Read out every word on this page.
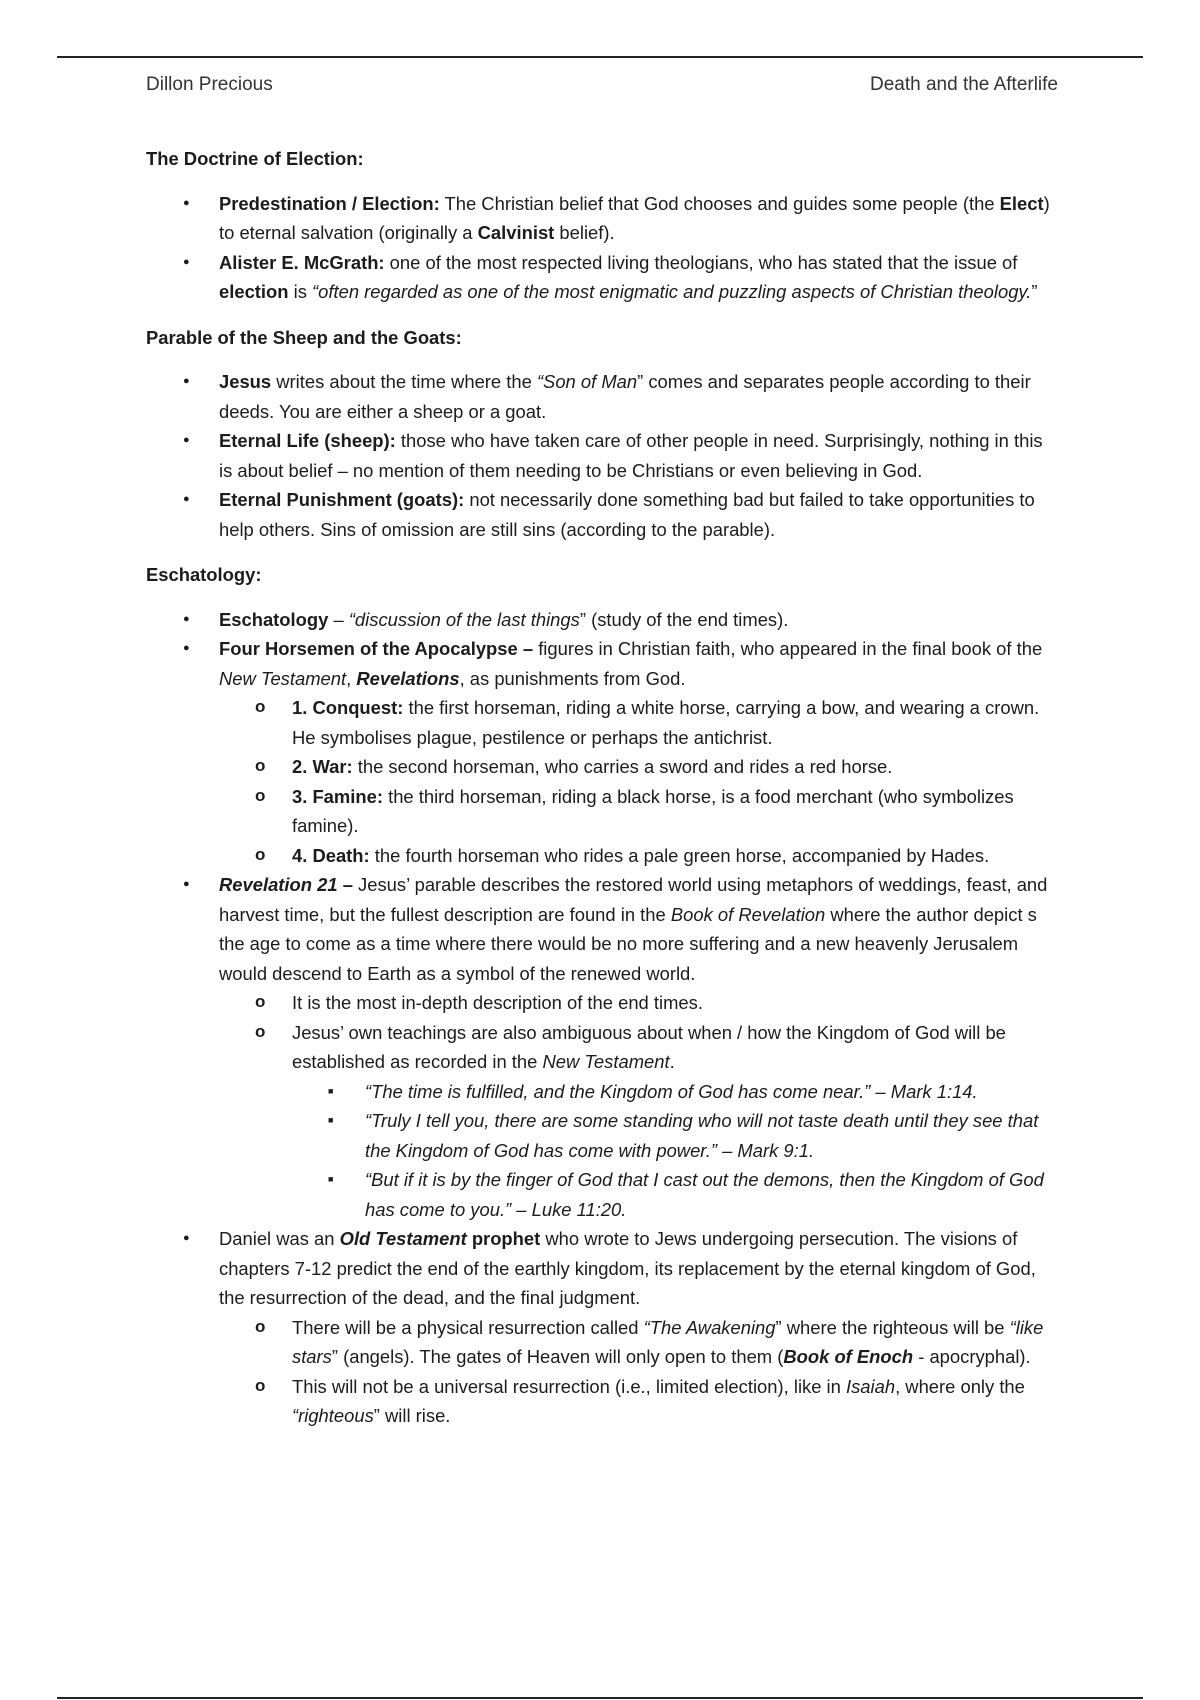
Dillon Precious	Death and the Afterlife

The Doctrine of Election:

● Predestination / Election: The Christian belief that God chooses and guides some people (the Elect) to eternal salvation (originally a Calvinist belief).
● Alister E. McGrath: one of the most respected living theologians, who has stated that the issue of election is “often regarded as one of the most enigmatic and puzzling aspects of Christian theology.”

Parable of the Sheep and the Goats:

● Jesus writes about the time where the “Son of Man” comes and separates people according to their deeds. You are either a sheep or a goat.
● Eternal Life (sheep): those who have taken care of other people in need. Surprisingly, nothing in this is about belief – no mention of them needing to be Christians or even believing in God.
● Eternal Punishment (goats): not necessarily done something bad but failed to take opportunities to help others. Sins of omission are still sins (according to the parable).

Eschatology:

● Eschatology – “discussion of the last things” (study of the end times).
● Four Horsemen of the Apocalypse – figures in Christian faith, who appeared in the final book of the New Testament, Revelations, as punishments from God.
o 1. Conquest: the first horseman, riding a white horse, carrying a bow, and wearing a crown. He symbolises plague, pestilence or perhaps the antichrist.
o 2. War: the second horseman, who carries a sword and rides a red horse.
o 3. Famine: the third horseman, riding a black horse, is a food merchant (who symbolizes famine).
o 4. Death: the fourth horseman who rides a pale green horse, accompanied by Hades.
● Revelation 21 – Jesus’ parable describes the restored world using metaphors of weddings, feast, and harvest time, but the fullest description are found in the Book of Revelation where the author depict s the age to come as a time where there would be no more suffering and a new heavenly Jerusalem would descend to Earth as a symbol of the renewed world.
o It is the most in-depth description of the end times.
o Jesus’ own teachings are also ambiguous about when / how the Kingdom of God will be established as recorded in the New Testament.
■ “The time is fulfilled, and the Kingdom of God has come near.” – Mark 1:14.
■ “Truly I tell you, there are some standing who will not taste death until they see that the Kingdom of God has come with power.” – Mark 9:1.
■ “But if it is by the finger of God that I cast out the demons, then the Kingdom of God has come to you.” – Luke 11:20.
● Daniel was an Old Testament prophet who wrote to Jews undergoing persecution. The visions of chapters 7-12 predict the end of the earthly kingdom, its replacement by the eternal kingdom of God, the resurrection of the dead, and the final judgment.
o There will be a physical resurrection called “The Awakening” where the righteous will be “like stars” (angels). The gates of Heaven will only open to them (Book of Enoch - apocryphal).
o This will not be a universal resurrection (i.e., limited election), like in Isaiah, where only the “righteous” will rise.
